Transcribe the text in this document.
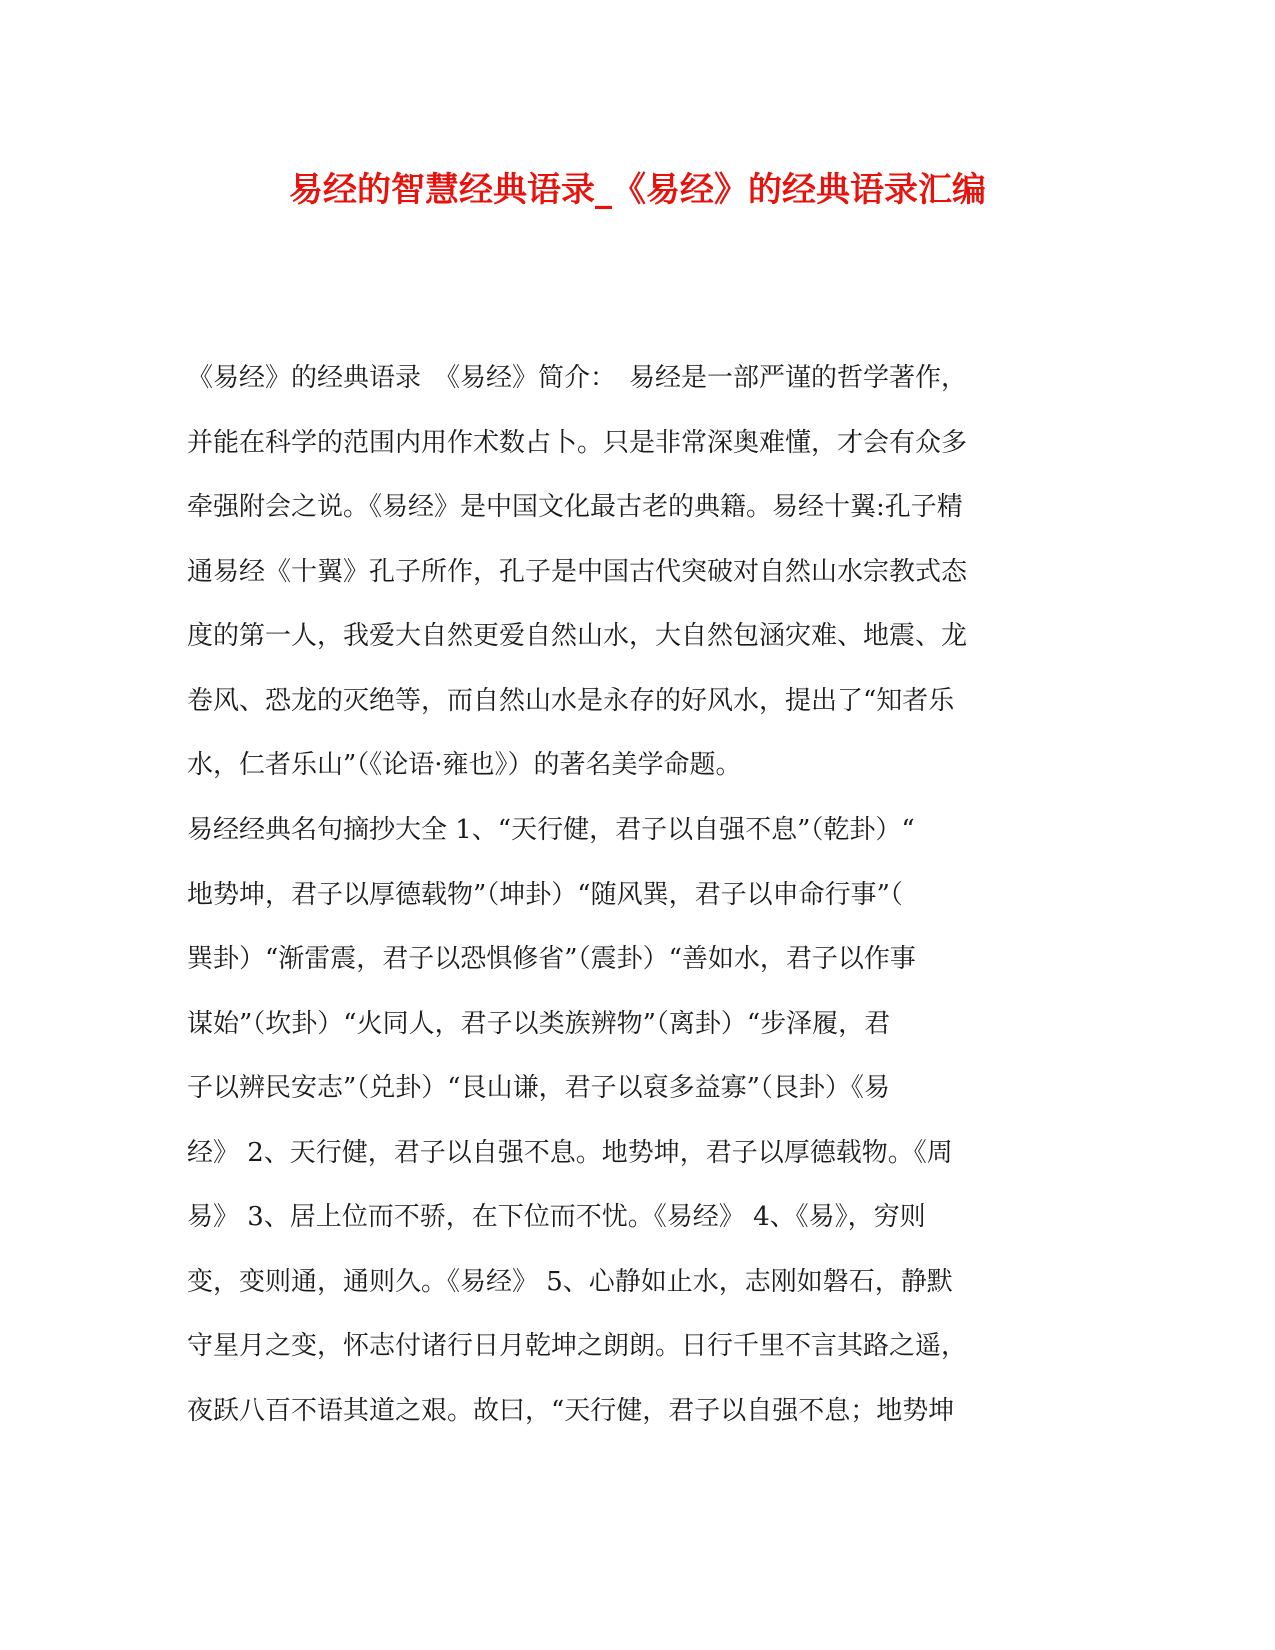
易经的智慧经典语录_《易经》的经典语录汇编
《易经》的经典语录　《易经》简介：　易经是一部严谨的哲学著作，
并能在科学的范围内用作术数占卜。只是非常深奥难懂，才会有众多
牵强附会之说。《易经》是中国文化最古老的典籍。易经十翼:孔子精
通易经《十翼》孔子所作，孔子是中国古代突破对自然山水宗教式态
度的第一人，我爱大自然更爱自然山水，大自然包涵灾难、地震、龙
卷风、恐龙的灭绝等，而自然山水是永存的好风水，提出了“知者乐
水，仁者乐山”（《论语·雍也》）的著名美学命题。
易经经典名句摘抄大全 1、“天行健，君子以自强不息”（乾卦）“
地势坤，君子以厚德载物”（坤卦）“随风巽，君子以申命行事”（
巽卦）“渐雷震，君子以恐惧修省”（震卦）“善如水，君子以作事
谋始”（坎卦）“火同人，君子以类族辨物”（离卦）“步泽履，君
子以辨民安志”（兑卦）“艮山谦，君子以裒多益寡”（艮卦）《易
经》 2、天行健，君子以自强不息。地势坤，君子以厚德载物。《周
易》 3、居上位而不骄，在下位而不忧。《易经》 4、《易》，穷则
变，变则通，通则久。《易经》 5、心静如止水，志刚如磐石，静默
守星月之变，怀志付诸行日月乾坤之朗朗。日行千里不言其路之遥，
夜跃八百不语其道之艰。故曰，“天行健，君子以自强不息；地势坤
